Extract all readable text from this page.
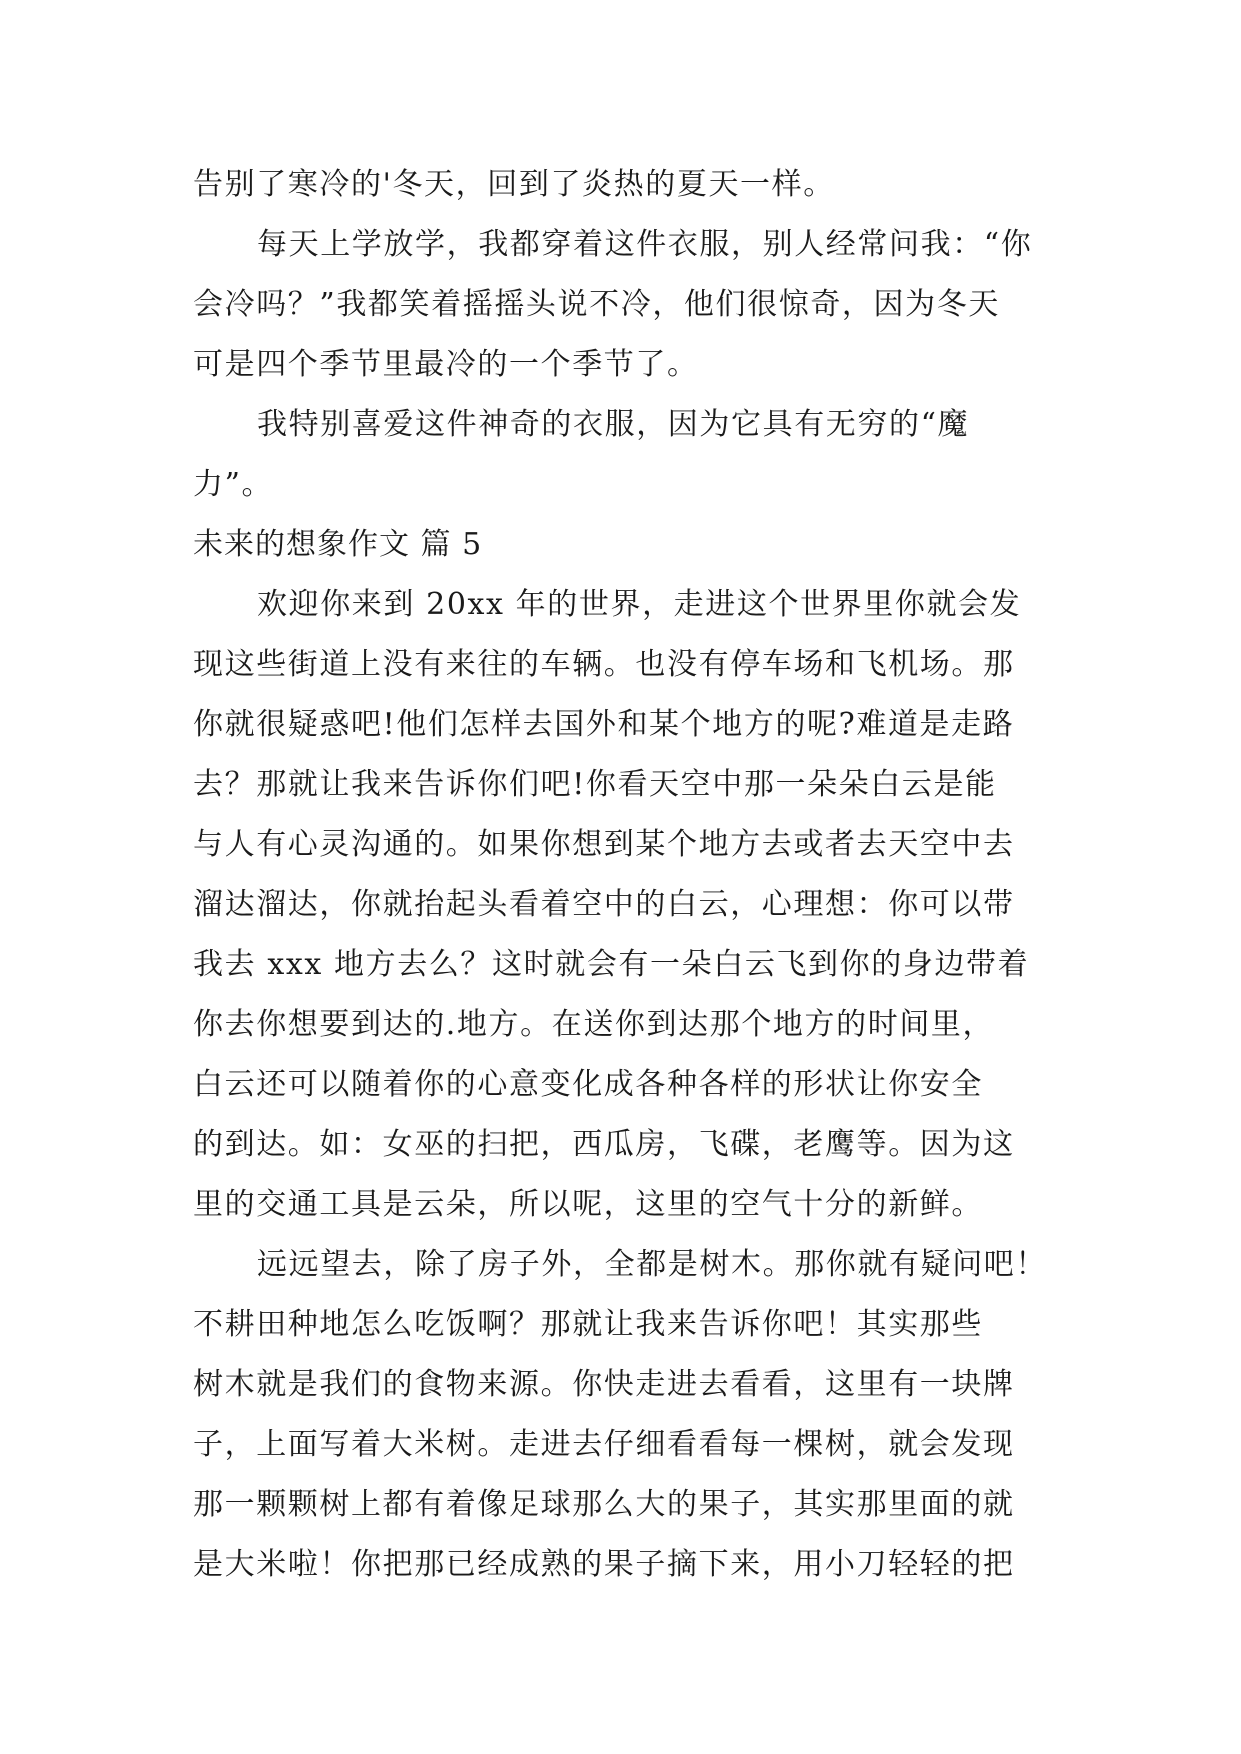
告别了寒冷的'冬天，回到了炎热的夏天一样。
每天上学放学，我都穿着这件衣服，别人经常问我：“你
会冷吗？”我都笑着摇摇头说不冷，他们很惊奇，因为冬天
可是四个季节里最冷的一个季节了。
我特别喜爱这件神奇的衣服，因为它具有无穷的“魔
力”。
未来的想象作文 篇 5
欢迎你来到 20xx 年的世界，走进这个世界里你就会发
现这些街道上没有来往的车辆。也没有停车场和飞机场。那
你就很疑惑吧!他们怎样去国外和某个地方的呢?难道是走路
去？那就让我来告诉你们吧!你看天空中那一朵朵白云是能
与人有心灵沟通的。如果你想到某个地方去或者去天空中去
溜达溜达，你就抬起头看着空中的白云，心理想：你可以带
我去 xxx 地方去么？这时就会有一朵白云飞到你的身边带着
你去你想要到达的.地方。在送你到达那个地方的时间里，
白云还可以随着你的心意变化成各种各样的形状让你安全
的到达。如：女巫的扫把，西瓜房，飞碟，老鹰等。因为这
里的交通工具是云朵，所以呢，这里的空气十分的新鲜。
远远望去，除了房子外，全都是树木。那你就有疑问吧！
不耕田种地怎么吃饭啊？那就让我来告诉你吧！其实那些
树木就是我们的食物来源。你快走进去看看，这里有一块牌
子，上面写着大米树。走进去仔细看看每一棵树，就会发现
那一颗颗树上都有着像足球那么大的果子，其实那里面的就
是大米啦！你把那已经成熟的果子摘下来，用小刀轻轻的把
